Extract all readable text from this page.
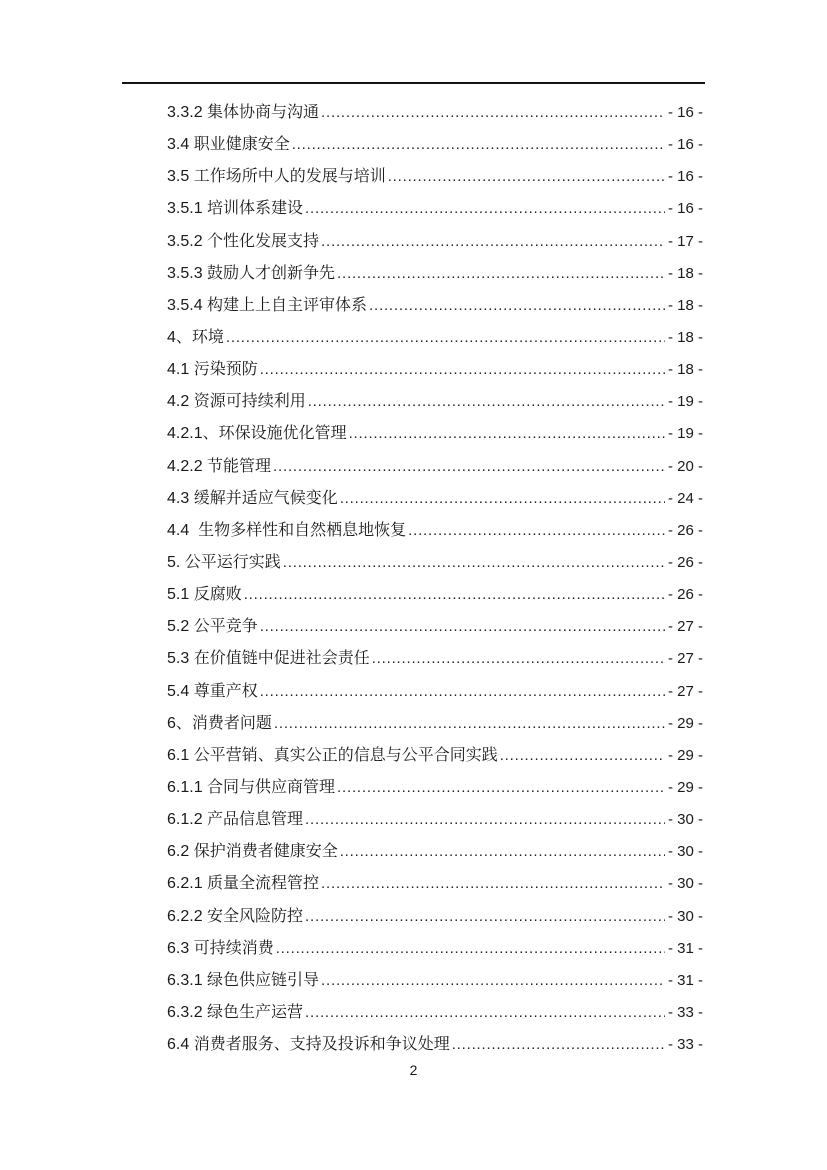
3.3.2 集体协商与沟通 .....	- 16 -
3.4 职业健康安全 .....	- 16 -
3.5 工作场所中人的发展与培训 .....	- 16 -
3.5.1 培训体系建设 .....	- 16 -
3.5.2 个性化发展支持 .....	- 17 -
3.5.3 鼓励人才创新争先 .....	- 18 -
3.5.4 构建上上自主评审体系 .....	- 18 -
4、环境 .....	- 18 -
4.1 污染预防 .....	- 18 -
4.2 资源可持续利用 .....	- 19 -
4.2.1、环保设施优化管理 .....	- 19 -
4.2.2 节能管理 .....	- 20 -
4.3 缓解并适应气候变化 .....	- 24 -
4.4  生物多样性和自然栖息地恢复 .....	- 26 -
5. 公平运行实践 .....	- 26 -
5.1 反腐败 .....	- 26 -
5.2 公平竞争 .....	- 27 -
5.3 在价值链中促进社会责任 .....	- 27 -
5.4 尊重产权 .....	- 27 -
6、消费者问题 .....	- 29 -
6.1 公平营销、真实公正的信息与公平合同实践 .....	- 29 -
6.1.1 合同与供应商管理 .....	- 29 -
6.1.2 产品信息管理 .....	- 30 -
6.2 保护消费者健康安全 .....	- 30 -
6.2.1 质量全流程管控 .....	- 30 -
6.2.2 安全风险防控 .....	- 30 -
6.3 可持续消费 .....	- 31 -
6.3.1 绿色供应链引导 .....	- 31 -
6.3.2 绿色生产运营 .....	- 33 -
6.4 消费者服务、支持及投诉和争议处理 .....	- 33 -
2
